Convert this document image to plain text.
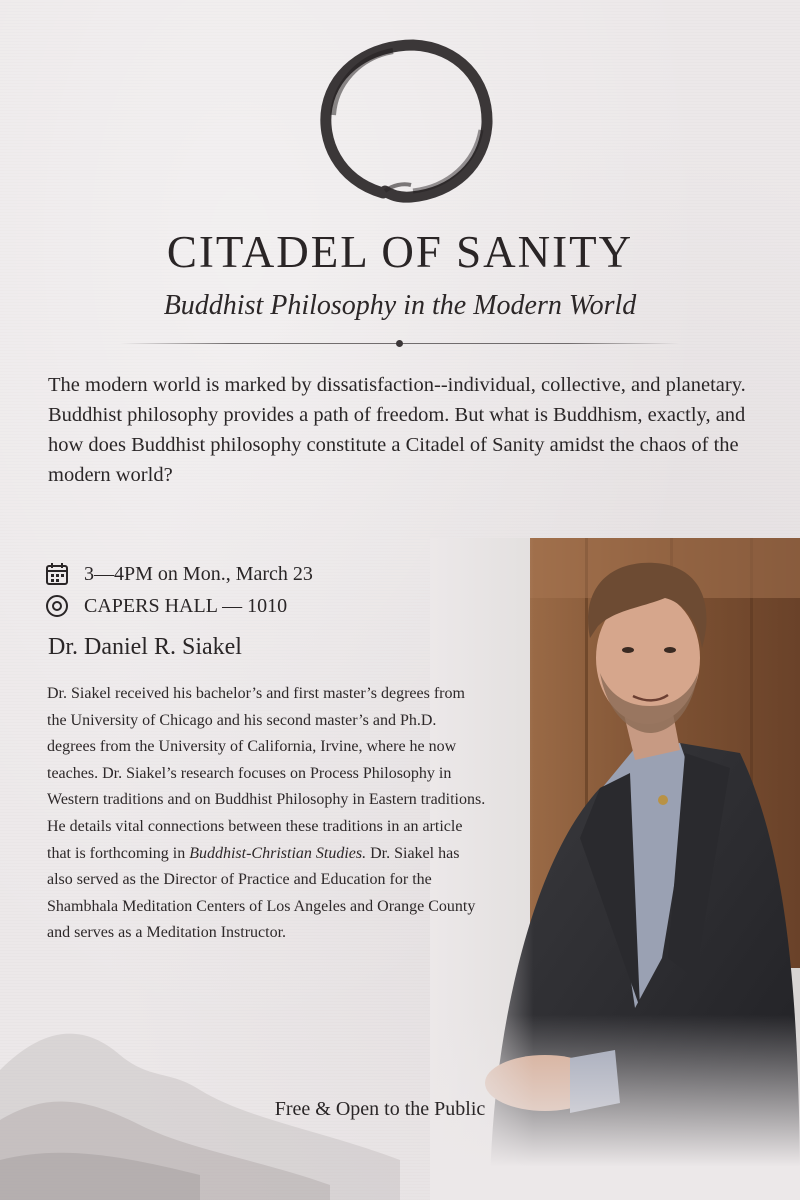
CITADEL OF SANITY
Buddhist Philosophy in the Modern World

The modern world is marked by dissatisfaction--individual, collective, and planetary. Buddhist philosophy provides a path of freedom. But what is Buddhism, exactly, and how does Buddhist philosophy constitute a Citadel of Sanity amidst the chaos of the modern world?

3—4PM on Mon., March 23
CAPERS HALL — 1010
Dr. Daniel R. Siakel

Dr. Siakel received his bachelor’s and first master’s degrees from the University of Chicago and his second master’s and Ph.D. degrees from the University of California, Irvine, where he now teaches. Dr. Siakel’s research focuses on Process Philosophy in Western traditions and on Buddhist Philosophy in Eastern traditions. He details vital connections between these traditions in an article that is forthcoming in Buddhist-Christian Studies. Dr. Siakel has also served as the Director of Practice and Education for the Shambhala Meditation Centers of Los Angeles and Orange County and serves as a Meditation Instructor.

Free & Open to the Public
